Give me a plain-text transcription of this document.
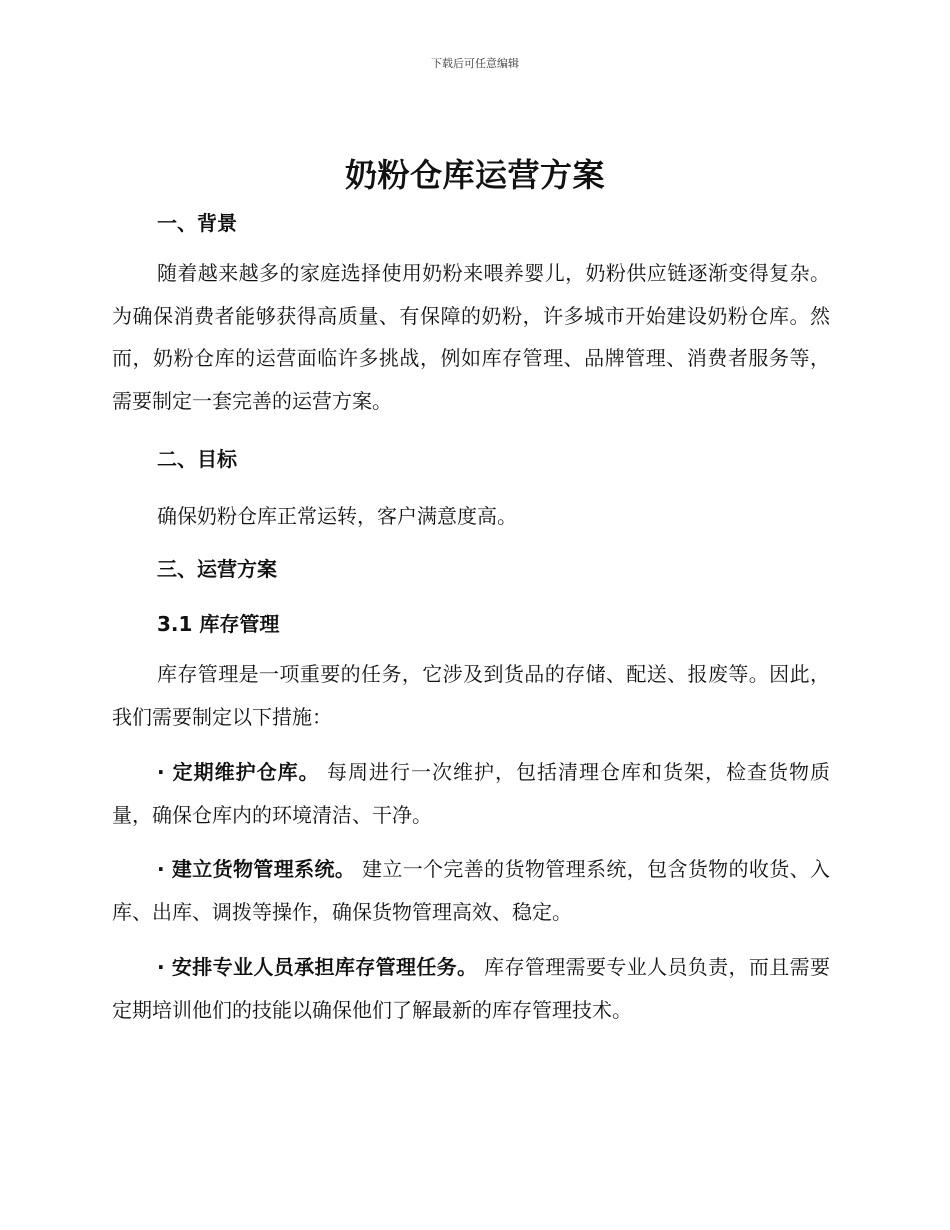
下载后可任意编辑
奶粉仓库运营方案
一、背景
随着越来越多的家庭选择使用奶粉来喂养婴儿，奶粉供应链逐渐变得复杂。为确保消费者能够获得高质量、有保障的奶粉，许多城市开始建设奶粉仓库。然而，奶粉仓库的运营面临许多挑战，例如库存管理、品牌管理、消费者服务等，需要制定一套完善的运营方案。
二、目标
确保奶粉仓库正常运转，客户满意度高。
三、运营方案
3.1 库存管理
库存管理是一项重要的任务，它涉及到货品的存储、配送、报废等。因此，我们需要制定以下措施：
· 定期维护仓库。 每周进行一次维护，包括清理仓库和货架，检查货物质量，确保仓库内的环境清洁、干净。
· 建立货物管理系统。 建立一个完善的货物管理系统，包含货物的收货、入库、出库、调拨等操作，确保货物管理高效、稳定。
· 安排专业人员承担库存管理任务。 库存管理需要专业人员负责，而且需要定期培训他们的技能以确保他们了解最新的库存管理技术。
